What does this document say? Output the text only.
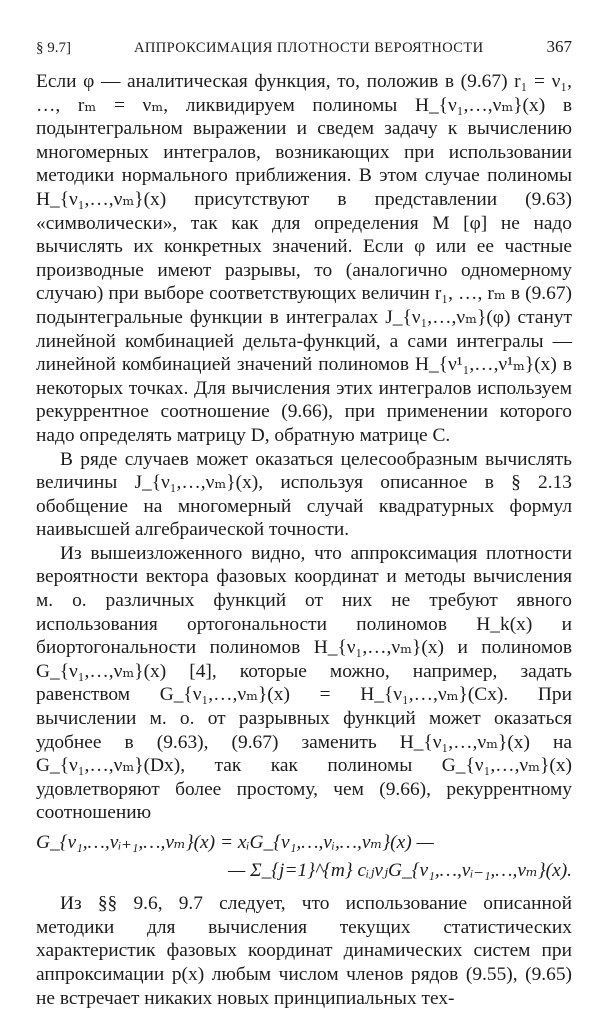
§ 9.7]	АППРОКСИМАЦИЯ ПЛОТНОСТИ ВЕРОЯТНОСТИ	367

Если φ — аналитическая функция, то, положив в (9.67) r₁ = ν₁, …, rₘ = νₘ, ликвидируем полиномы H_{ν₁,…,νₘ}(x) в подынтегральном выражении и сведем задачу к вычислению многомерных интегралов, возникающих при использовании методики нормального приближения. В этом случае полиномы H_{ν₁,…,νₘ}(x) присутствуют в представлении (9.63) «символически», так как для определения M [φ] не надо вычислять их конкретных значений. Если φ или ее частные производные имеют разрывы, то (аналогично одномерному случаю) при выборе соответствующих величин r₁, …, rₘ в (9.67) подынтегральные функции в интегралах J_{ν₁,…,νₘ}(φ) станут линейной комбинацией дельта-функций, а сами интегралы — линейной комбинацией значений полиномов H_{ν¹₁,…,ν¹ₘ}(x) в некоторых точках. Для вычисления этих интегралов используем рекуррентное соотношение (9.66), при применении которого надо определять матрицу D, обратную матрице C.

В ряде случаев может оказаться целесообразным вычислять величины J_{ν₁,…,νₘ}(x), используя описанное в § 2.13 обобщение на многомерный случай квадратурных формул наивысшей алгебраической точности.

Из вышеизложенного видно, что аппроксимация плотности вероятности вектора фазовых координат и методы вычисления м. о. различных функций от них не требуют явного использования ортогональности полиномов H_k(x) и биортогональности полиномов H_{ν₁,…,νₘ}(x) и полиномов G_{ν₁,…,νₘ}(x) [4], которые можно, например, задать равенством G_{ν₁,…,νₘ}(x) = H_{ν₁,…,νₘ}(Cx). При вычислении м. о. от разрывных функций может оказаться удобнее в (9.63), (9.67) заменить H_{ν₁,…,νₘ}(x) на G_{ν₁,…,νₘ}(Dx), так как полиномы G_{ν₁,…,νₘ}(x) удовлетворяют более простому, чем (9.66), рекуррентному соотношению

G_{ν₁,…,νᵢ₊₁,…,νₘ}(x) = xᵢG_{ν₁,…,νᵢ,…,νₘ}(x) —
— Σ_{j=1}^{m} cᵢⱼνⱼG_{ν₁,…,νᵢ₋₁,…,νₘ}(x).

Из §§ 9.6, 9.7 следует, что использование описанной методики для вычисления текущих статистических характеристик фазовых координат динамических систем при аппроксимации p(x) любым числом членов рядов (9.55), (9.65) не встречает никаких новых принципиальных тех-
